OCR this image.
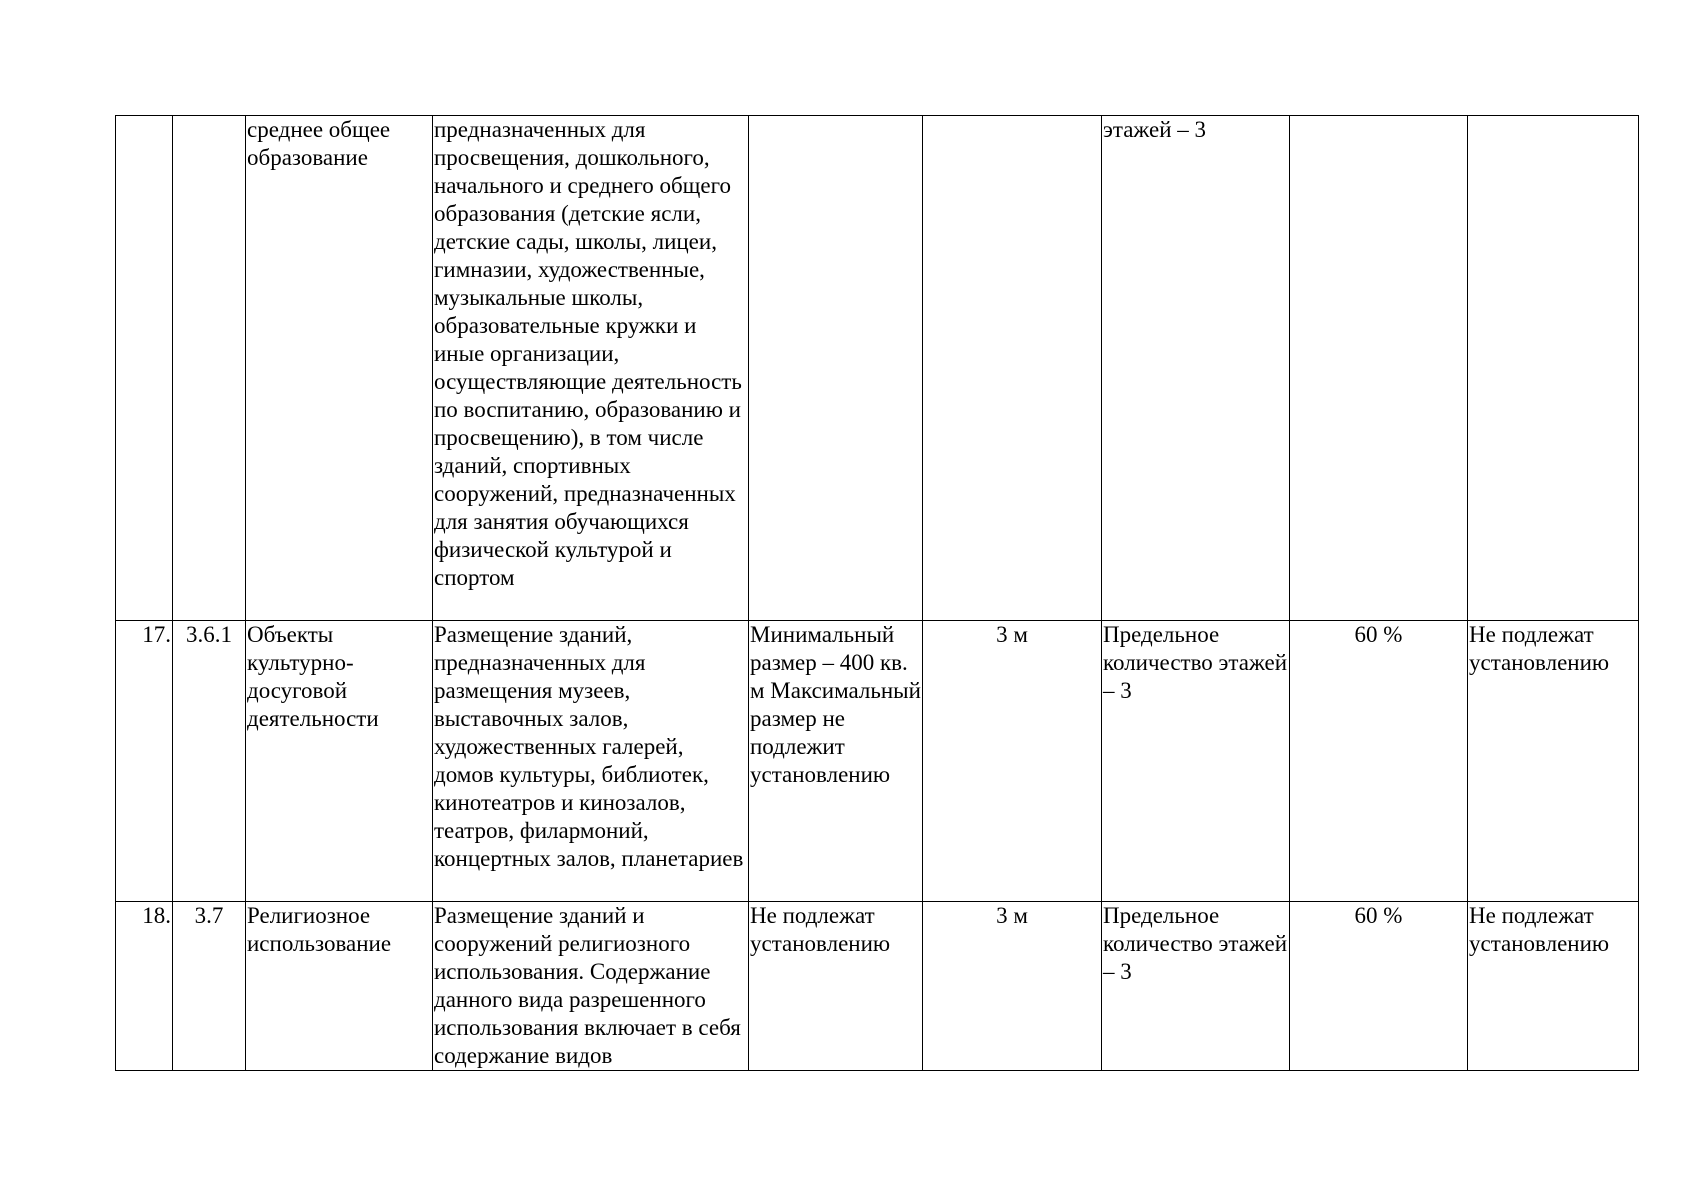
		среднее общее образование	предназначенных для просвещения, дошкольного, начального и среднего общего образования (детские ясли, детские сады, школы, лицеи, гимназии, художественные, музыкальные школы, образовательные кружки и иные организации, осуществляющие деятельность по воспитанию, образованию и просвещению), в том числе зданий, спортивных сооружений, предназначенных для занятия обучающихся физической культурой и спортом			этажей – 3		

17.	3.6.1	Объекты культурно-досуговой деятельности	Размещение зданий, предназначенных для размещения музеев, выставочных залов, художественных галерей, домов культуры, библиотек, кинотеатров и кинозалов, театров, филармоний, концертных залов, планетариев	Минимальный размер – 400 кв. м Максимальный размер не подлежит установлению	3 м	Предельное количество этажей – 3	60 %	Не подлежат установлению

18.	3.7	Религиозное использование	Размещение зданий и сооружений религиозного использования. Содержание данного вида разрешенного использования включает в себя содержание видов	Не подлежат установлению	3 м	Предельное количество этажей – 3	60 %	Не подлежат установлению
